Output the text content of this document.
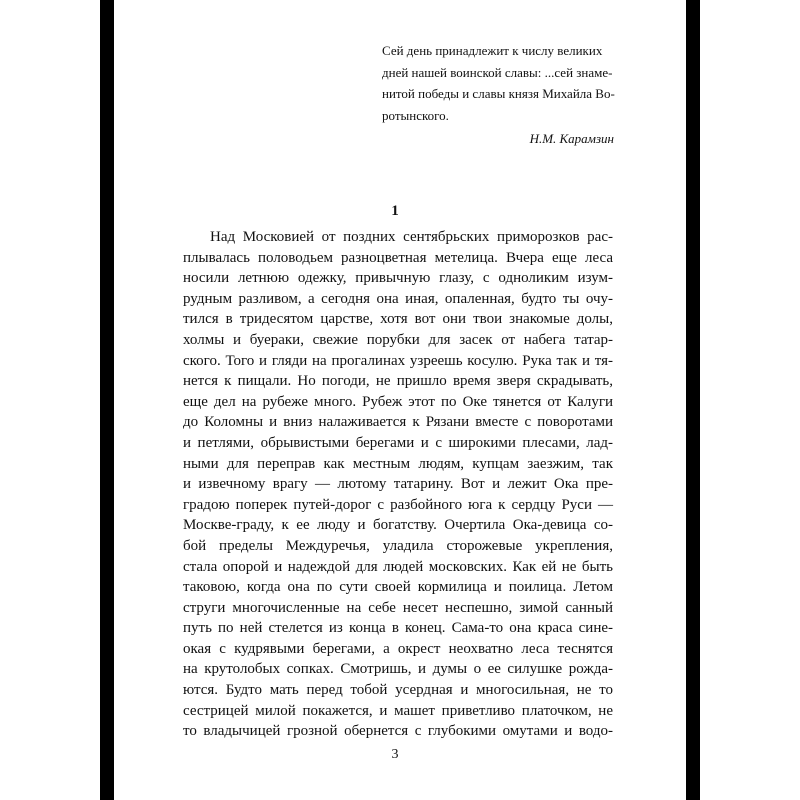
Сей день принадлежит к числу великих
дней нашей воинской славы: ...сей знаме-
нитой победы и славы князя Михайла Во-
ротынского.
Н.М. Карамзин
1
Над Московией от поздних сентябрьских приморозков рас-
плывалась половодьем разноцветная метелица. Вчера еще леса
носили летнюю одежку, привычную глазу, с одноликим изум-
рудным разливом, а сегодня она иная, опаленная, будто ты очу-
тился в тридесятом царстве, хотя вот они твои знакомые долы,
холмы и буераки, свежие порубки для засек от набега татар-
ского. Того и гляди на прогалинах узреешь косулю. Рука так и тя-
нется к пищали. Но погоди, не пришло время зверя скрадывать,
еще дел на рубеже много. Рубеж этот по Оке тянется от Калуги
до Коломны и вниз налаживается к Рязани вместе с поворотами
и петлями, обрывистыми берегами и с широкими плесами, лад-
ными для переправ как местным людям, купцам заезжим, так
и извечному врагу — лютому татарину. Вот и лежит Ока пре-
градою поперек путей-дорог с разбойного юга к сердцу Руси —
Москве-граду, к ее люду и богатству. Очертила Ока-девица со-
бой пределы Междуречья, уладила сторожевые укрепления,
стала опорой и надеждой для людей московских. Как ей не быть
таковою, когда она по сути своей кормилица и поилица. Летом
струги многочисленные на себе несет неспешно, зимой санный
путь по ней стелется из конца в конец. Сама-то она краса сине-
окая с кудрявыми берегами, а окрест неохватно леса теснятся
на крутолобых сопках. Смотришь, и думы о ее силушке рожда-
ются. Будто мать перед тобой усердная и многосильная, не то
сестрицей милой покажется, и машет приветливо платочком, не
то владычицей грозной обернется с глубокими омутами и водо-
3
